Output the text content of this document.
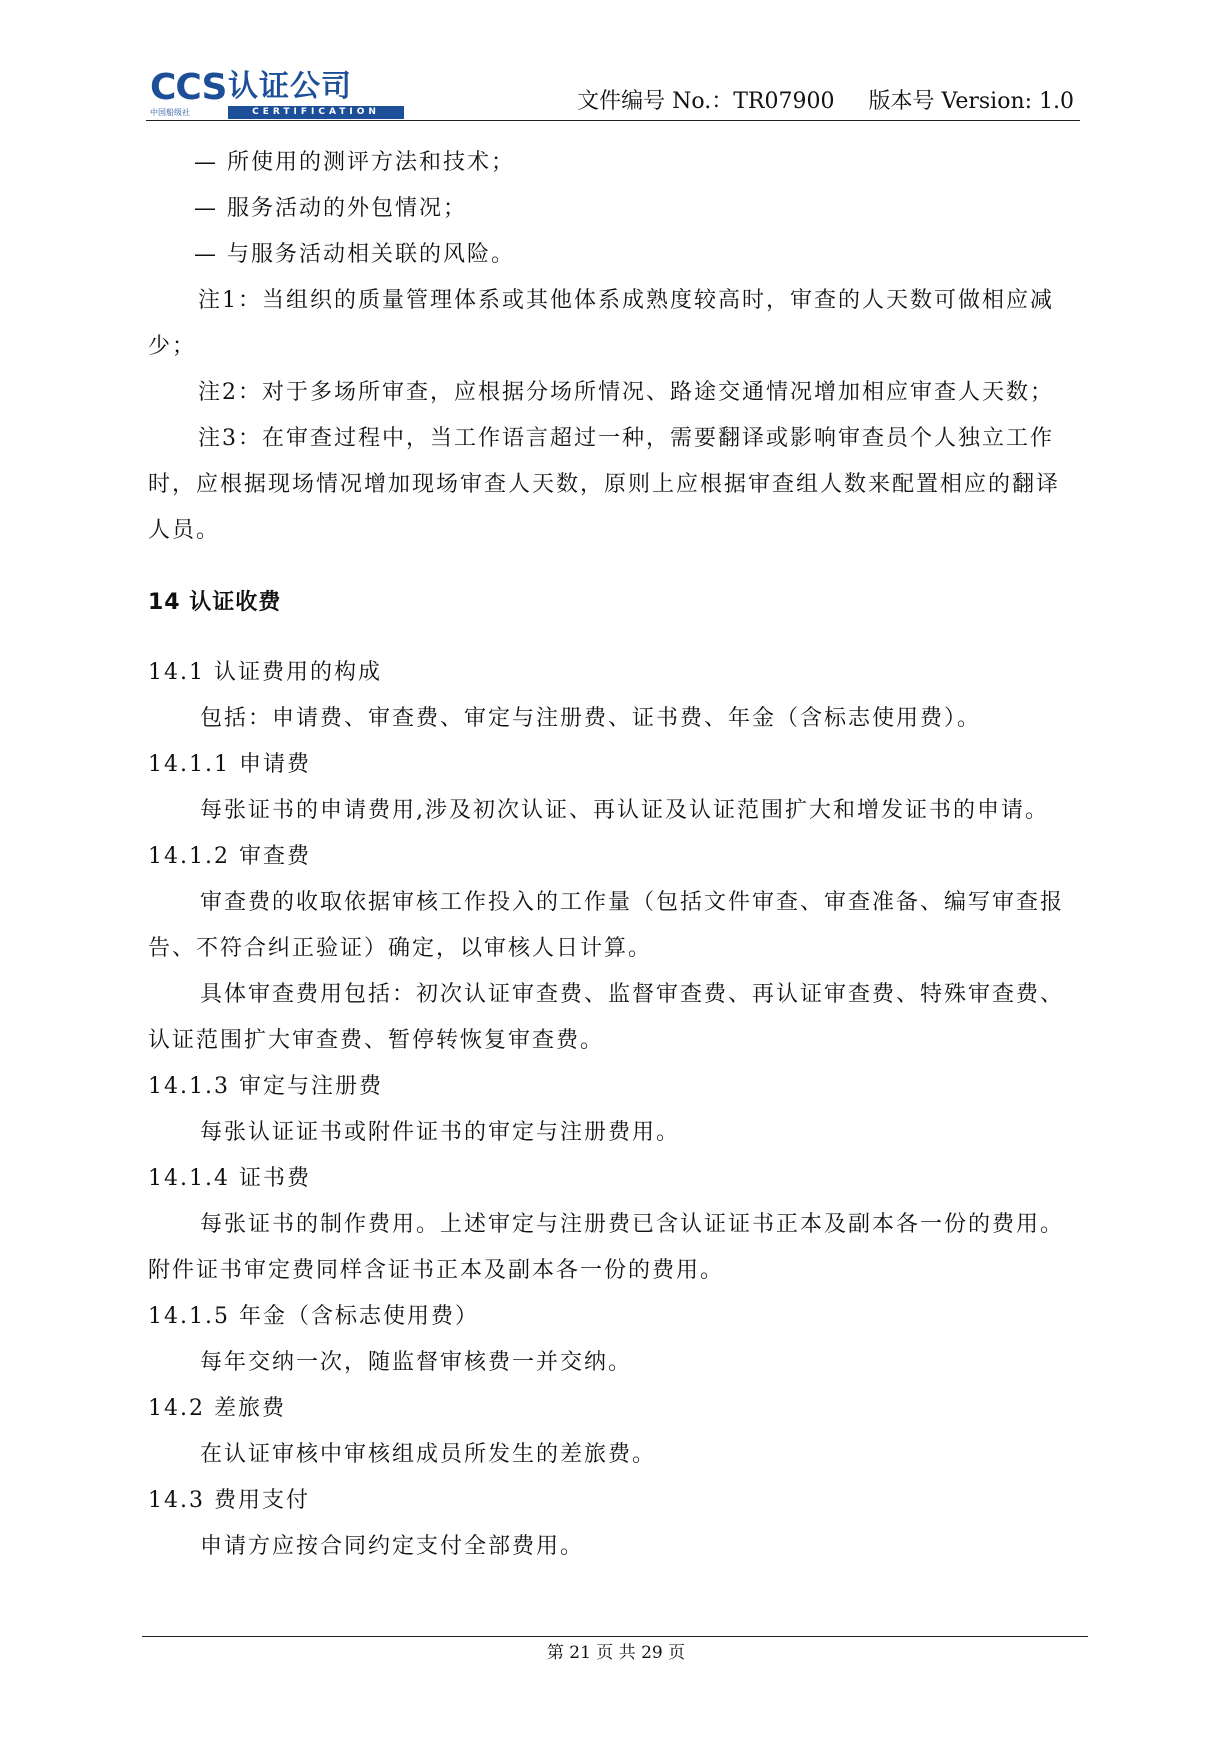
CCS 认证公司
CERTIFICATION
中国船级社	文件编号 No.：TR07900 版本号 Version: 1.0

— 所使用的测评方法和技术；

— 服务活动的外包情况；

— 与服务活动相关联的风险。

注1：当组织的质量管理体系或其他体系成熟度较高时，审查的人天数可做相应减少；

注2：对于多场所审查，应根据分场所情况、路途交通情况增加相应审查人天数；

注3：在审查过程中，当工作语言超过一种，需要翻译或影响审查员个人独立工作时，应根据现场情况增加现场审查人天数，原则上应根据审查组人数来配置相应的翻译人员。

14 认证收费

14.1 认证费用的构成

包括：申请费、审查费、审定与注册费、证书费、年金（含标志使用费）。

14.1.1 申请费

每张证书的申请费用,涉及初次认证、再认证及认证范围扩大和增发证书的申请。

14.1.2 审查费

审查费的收取依据审核工作投入的工作量（包括文件审查、审查准备、编写审查报告、不符合纠正验证）确定，以审核人日计算。

具体审查费用包括：初次认证审查费、监督审查费、再认证审查费、特殊审查费、认证范围扩大审查费、暂停转恢复审查费。

14.1.3 审定与注册费

每张认证证书或附件证书的审定与注册费用。

14.1.4 证书费

每张证书的制作费用。上述审定与注册费已含认证证书正本及副本各一份的费用。附件证书审定费同样含证书正本及副本各一份的费用。

14.1.5 年金（含标志使用费）

每年交纳一次，随监督审核费一并交纳。

14.2 差旅费

在认证审核中审核组成员所发生的差旅费。

14.3 费用支付

申请方应按合同约定支付全部费用。

第 21 页 共 29 页
